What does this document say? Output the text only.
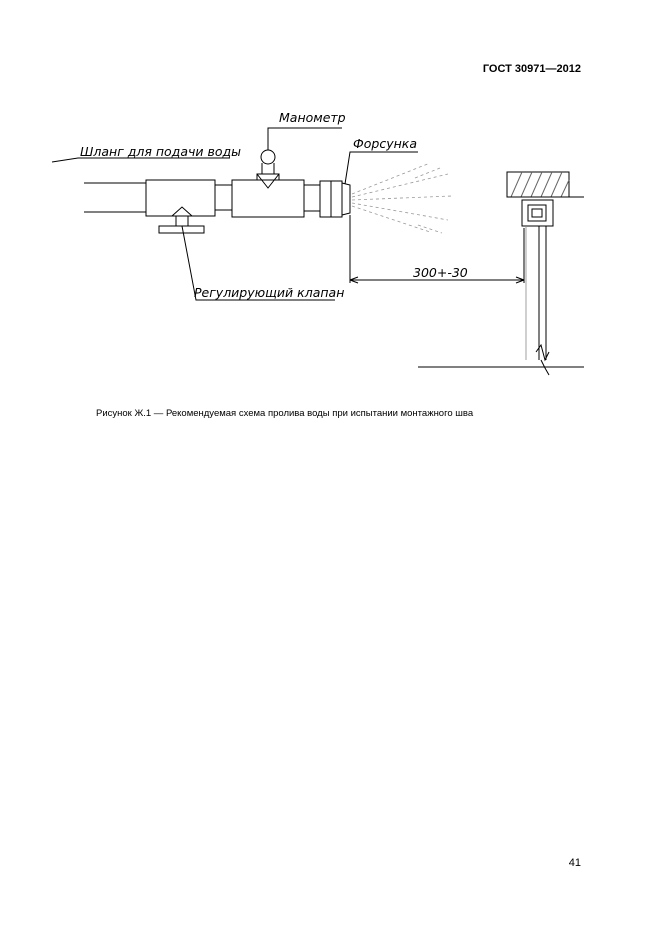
ГОСТ 30971—2012
Шланг для подачи воды
Манометр
Форсунка
Регулирующий клапан
300+-30
Рисунок Ж.1 — Рекомендуемая схема пролива воды при испытании монтажного шва
41
